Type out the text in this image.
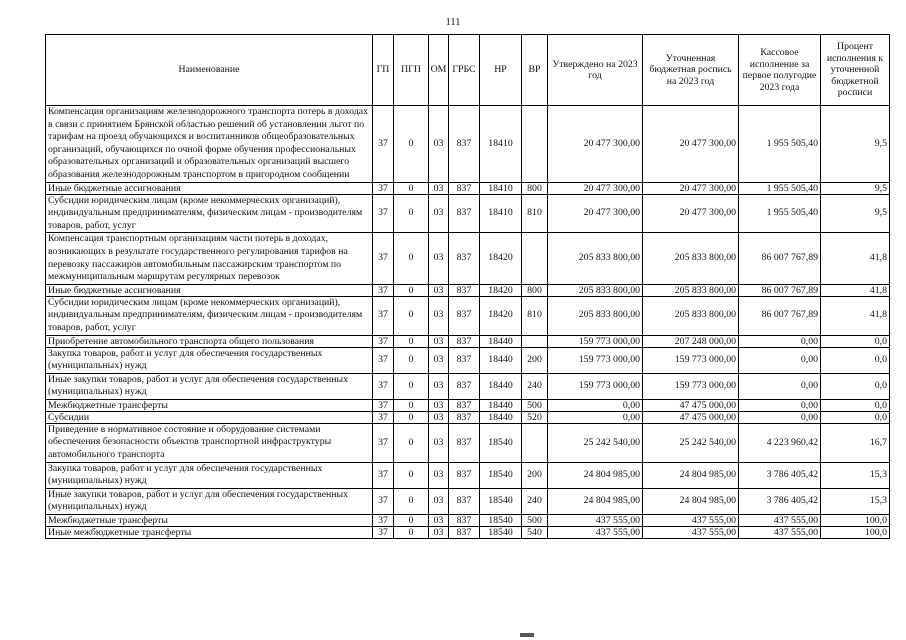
111
Наименование	ГП	ПГП	ОМ	ГРБС	НР	ВР	Утверждено на 2023 год	Уточненная бюджетная роспись на 2023 год	Кассовое исполнение за первое полугодие 2023 года	Процент исполнения к уточненной бюджетной росписи
Компенсация организациям железнодорожного транспорта потерь в доходах в связи с принятием Брянской областью решений об установлении льгот по тарифам на проезд обучающихся и воспитанников общеобразовательных организаций, обучающихся по очной форме обучения профессиональных образовательных организаций и образовательных организаций высшего образования железнодорожным транспортом в пригородном сообщении	37	0	03	837	18410		20 477 300,00	20 477 300,00	1 955 505,40	9,5
Иные бюджетные ассигнования	37	0	03	837	18410	800	20 477 300,00	20 477 300,00	1 955 505,40	9,5
Субсидии юридическим лицам (кроме некоммерческих организаций), индивидуальным предпринимателям, физическим лицам - производителям товаров, работ, услуг	37	0	03	837	18410	810	20 477 300,00	20 477 300,00	1 955 505,40	9,5
Компенсация транспортным организациям части потерь в доходах, возникающих в результате государственного регулирования тарифов на перевозку пассажиров автомобильным пассажирским транспортом по межмуниципальным маршрутам регулярных перевозок	37	0	03	837	18420		205 833 800,00	205 833 800,00	86 007 767,89	41,8
Иные бюджетные ассигнования	37	0	03	837	18420	800	205 833 800,00	205 833 800,00	86 007 767,89	41,8
Субсидии юридическим лицам (кроме некоммерческих организаций), индивидуальным предпринимателям, физическим лицам - производителям товаров, работ, услуг	37	0	03	837	18420	810	205 833 800,00	205 833 800,00	86 007 767,89	41,8
Приобретение автомобильного транспорта общего пользования	37	0	03	837	18440		159 773 000,00	207 248 000,00	0,00	0,0
Закупка товаров, работ и услуг для обеспечения государственных (муниципальных) нужд	37	0	03	837	18440	200	159 773 000,00	159 773 000,00	0,00	0,0
Иные закупки товаров, работ и услуг для обеспечения государственных (муниципальных) нужд	37	0	03	837	18440	240	159 773 000,00	159 773 000,00	0,00	0,0
Межбюджетные трансферты	37	0	03	837	18440	500	0,00	47 475 000,00	0,00	0,0
Субсидии	37	0	03	837	18440	520	0,00	47 475 000,00	0,00	0,0
Приведение в нормативное состояние и оборудование системами обеспечения безопасности объектов транспортной инфраструктуры автомобильного транспорта	37	0	03	837	18540		25 242 540,00	25 242 540,00	4 223 960,42	16,7
Закупка товаров, работ и услуг для обеспечения государственных (муниципальных) нужд	37	0	03	837	18540	200	24 804 985,00	24 804 985,00	3 786 405,42	15,3
Иные закупки товаров, работ и услуг для обеспечения государственных (муниципальных) нужд	37	0	03	837	18540	240	24 804 985,00	24 804 985,00	3 786 405,42	15,3
Межбюджетные трансферты	37	0	03	837	18540	500	437 555,00	437 555,00	437 555,00	100,0
Иные межбюджетные трансферты	37	0	03	837	18540	540	437 555,00	437 555,00	437 555,00	100,0
